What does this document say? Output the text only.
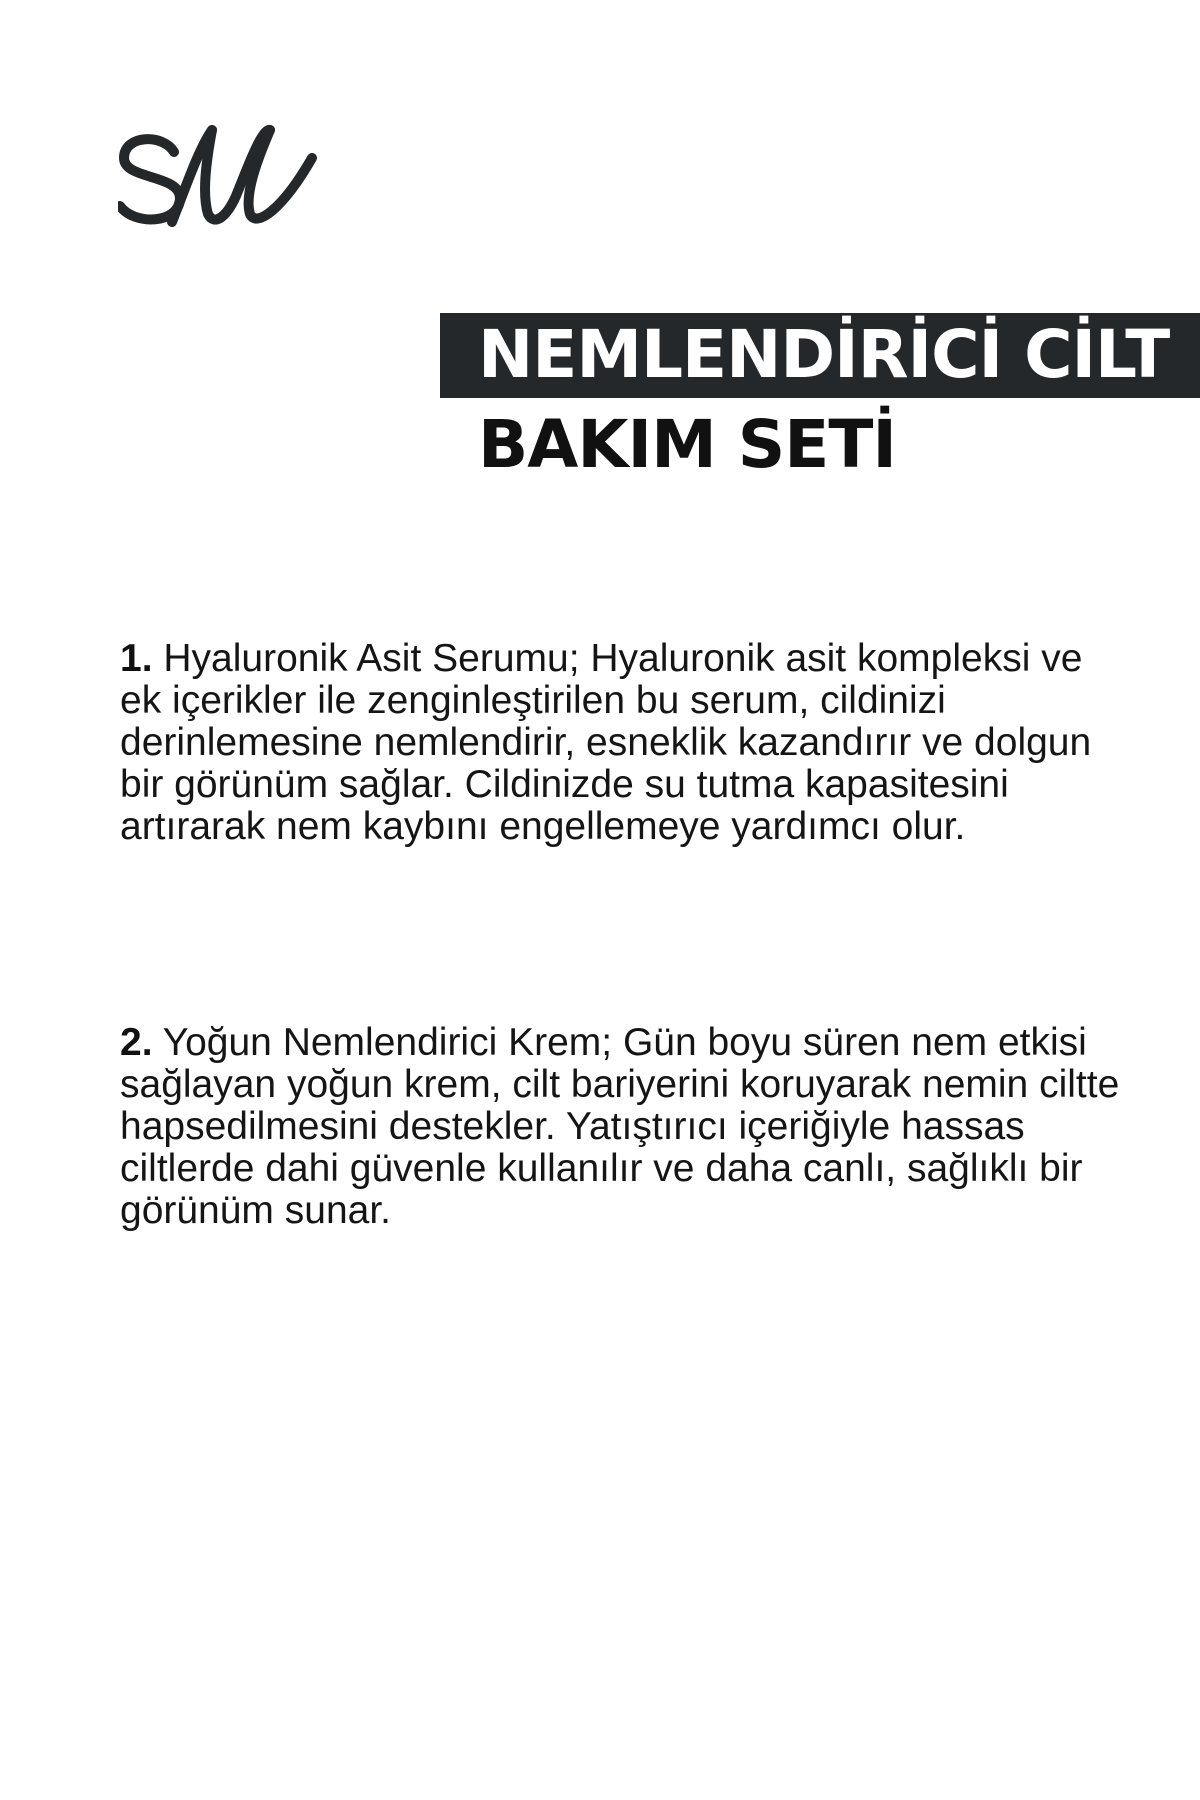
NEMLENDİRİCİ CİLT
BAKIM SETİ

1. Hyaluronik Asit Serumu; Hyaluronik asit kompleksi ve ek içerikler ile zenginleştirilen bu serum, cildinizi derinlemesine nemlendirir, esneklik kazandırır ve dolgun bir görünüm sağlar. Cildinizde su tutma kapasitesini artırarak nem kaybını engellemeye yardımcı olur.

2. Yoğun Nemlendirici Krem; Gün boyu süren nem etkisi sağlayan yoğun krem, cilt bariyerini koruyarak nemin ciltte hapsedilmesini destekler. Yatıştırıcı içeriğiyle hassas ciltlerde dahi güvenle kullanılır ve daha canlı, sağlıklı bir görünüm sunar.
